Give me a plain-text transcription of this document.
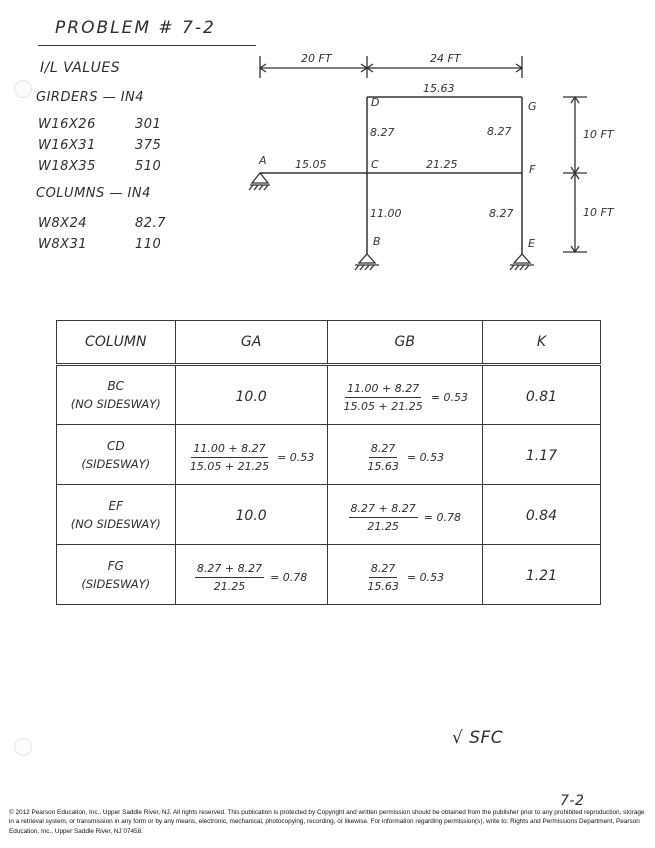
PROBLEM # 7-2
I/L VALUES
GIRDERS — IN4
W16X26	301
W16X31	375
W18X35	510
COLUMNS — IN4
W8X24	82.7
W8X31	110
20 FT	24 FT
10 FT
10 FT
A
B
C
D
E
F
G
15.63
15.05	21.25
8.27	8.27
11.00	8.27
COLUMN	GA	GB	K

BC
(NO SIDESWAY)	10.0	$\frac{11.00 + 8.27}{15.05 + 21.25} = 0.53$	0.81

CD
(SIDESWAY)	$\frac{11.00 + 8.27}{15.05 + 21.25} = 0.53$	$\frac{8.27}{15.63} = 0.53$	1.17

EF
(NO SIDESWAY)	10.0	$\frac{8.27 + 8.27}{21.25} = 0.78$	0.84

FG
(SIDESWAY)	$\frac{8.27 + 8.27}{21.25} = 0.78$	$\frac{8.27}{15.63} = 0.53$	1.21
√ SFC
7-2
© 2012 Pearson Education, Inc., Upper Saddle River, NJ. All rights reserved. This publication is protected by Copyright and written permission should be obtained from the publisher prior to any prohibited reproduction, storage in a retrieval system, or transmission in any form or by any means, electronic, mechanical, photocopying, recording, or likewise. For information regarding permission(s), write to: Rights and Permissions Department, Pearson Education, Inc., Upper Saddle River, NJ 07458.
